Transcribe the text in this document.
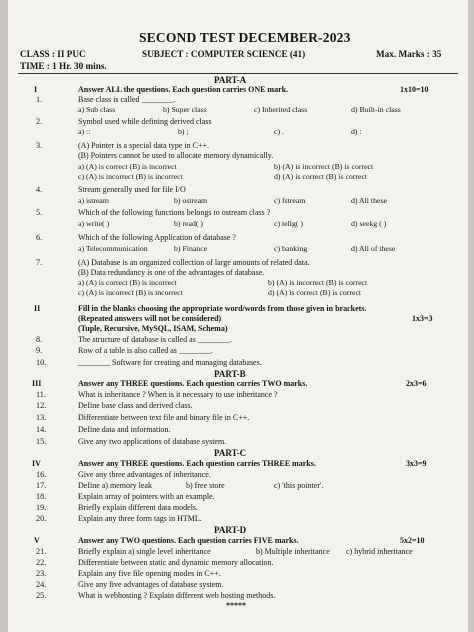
SECOND TEST DECEMBER-2023
CLASS : II PUC	SUBJECT : COMPUTER SCIENCE (41)	Max. Marks : 35
TIME : 1 Hr. 30 mins.
PART-A
I	Answer ALL the questions. Each question carries ONE mark.	1x10=10
1.	Base class is called ________.
a) Sub class	b) Super class	c) Inherited class	d) Built-in class
2.	Symbol used while defining derived class
a) ::	b) ;	c) .	d) :
3.	(A) Pointer is a special data type in C++.
(B) Pointers cannot be used to allocate memory dynamically.
a) (A) is correct (B) is incorrect	b) (A) is incorrect (B) is correct
c) (A) is incorrect (B) is incorrect	d) (A) is correct (B) is correct
4.	Stream generally used for file I/O
a) istream	b) ostream	c) fstream	d) All these
5.	Which of the following functions belongs to ostream class ?
a) write( )	b) read( )	c) tellg( )	d) seekg ( )
6.	Which of the following Application of database ?
a) Telecommunication	b) Finance	c) banking	d) All of these
7.	(A) Database is an organized collection of large amounts of related data.
(B) Data redundancy is one of the advantages of database.
a) (A) is correct (B) is incorrect	b) (A) is incorrect (B) is correct
c) (A) is incorrect (B) is incorrect	d) (A) is correct (B) is correct
II	Fill in the blanks choosing the appropriate word/words from those given in brackets.
(Repeated answers will not be considered)	1x3=3
(Tuple, Recursive, MySQL, ISAM, Schema)
8.	The structure of database is called as ________.
9.	Row of a table is also called as ________.
10.	________ Software for creating and managing databases.
PART-B
III	Answer any THREE questions. Each question carries TWO marks.	2x3=6
11.	What is inheritance ? When is it necessary to use inheritance ?
12.	Define base class and derived class.
13.	Differentiate between text file and binary file in C++.
14.	Define data and information.
15.	Give any two applications of database system.
PART-C
IV	Answer any THREE questions. Each question carries THREE marks.	3x3=9
16.	Give any three advantages of inheritance.
17.	Define a) memory leak	b) free store	c) 'this pointer'.
18.	Explain array of pointers with an example.
19.	Briefly explain different data models.
20.	Explain any three form tags in HTML.
PART-D
V	Answer any TWO questions. Each question carries FIVE marks.	5x2=10
21.	Briefly explain a) single level inheritance	b) Multiple inheritance c) hybrid inheritance
22.	Differentiate between static and dynamic memory allocation.
23.	Explain any five file opening modes in C++.
24.	Give any five advantages of database system.
25.	What is webhosting ? Explain different web hosting methods.
*****
